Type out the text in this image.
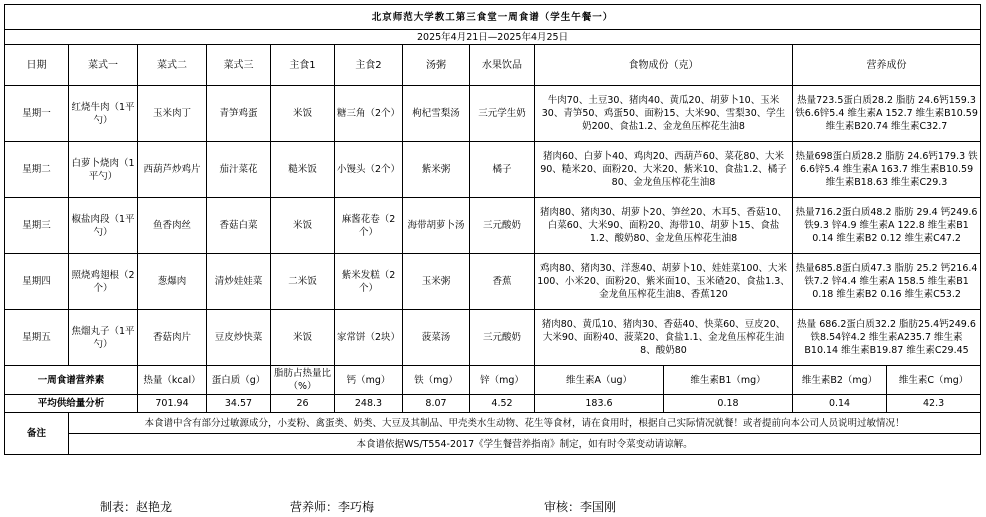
北京师范大学教工第三食堂一周食谱（学生午餐一）									
2025年4月21日—2025年4月25日									
日期	菜式一	菜式二	菜式三	主食1	主食2	汤粥	水果饮品	食物成份（克）	营养成份
星期一	红烧牛肉（1平勺）	玉米肉丁	青笋鸡蛋	米饭	糖三角（2个）	枸杞雪梨汤	三元学生奶	牛肉70、土豆30、猪肉40、黄瓜20、胡萝卜10、玉米30、青笋50、鸡蛋50、面粉15、大米90、雪梨30、学生奶200、食盐1.2、金龙鱼压榨花生油8	热量723.5蛋白质28.2 脂肪 24.6钙159.3 铁6.6锌5.4 维生素A 152.7 维生素B10.59 维生素B20.74 维生素C32.7
星期二	白萝卜烧肉（1平勺）	西葫芦炒鸡片	茄汁菜花	糙米饭	小馒头（2个）	紫米粥	橘子	猪肉60、白萝卜40、鸡肉20、西葫芦60、菜花80、大米90、糙米20、面粉20、大米20、紫米10、食盐1.2、橘子80、金龙鱼压榨花生油8	热量698蛋白质28.2 脂肪 24.6钙179.3 铁6.6锌5.4 维生素A 163.7 维生素B10.59 维生素B18.63 维生素C29.3
星期三	椒盐肉段（1平勺）	鱼香肉丝	香菇白菜	米饭	麻酱花卷（2个）	海带胡萝卜汤	三元酸奶	猪肉80、猪肉30、胡萝卜20、笋丝20、木耳5、香菇10、白菜60、大米90、面粉20、海带10、胡萝卜15、食盐1.2、酸奶80、金龙鱼压榨花生油8	热量716.2蛋白质48.2 脂肪 29.4 钙249.6 铁9.3 锌4.9 维生素A 122.8 维生素B1 0.14 维生素B2 0.12 维生素C47.2
星期四	照烧鸡翅根（2个）	葱爆肉	清炒娃娃菜	二米饭	紫米发糕（2个）	玉米粥	香蕉	鸡肉80、猪肉30、洋葱40、胡萝卜10、娃娃菜100、大米100、小米20、面粉20、紫米面10、玉米碴20、食盐1.3、金龙鱼压榨花生油8、香蕉120	热量685.8蛋白质47.3 脂肪 25.2 钙216.4 铁7.2 锌4.4 维生素A 158.5 维生素B1 0.18 维生素B2 0.16 维生素C53.2
星期五	焦熘丸子（1平勺）	香菇肉片	豆皮炒快菜	米饭	家常饼（2块）	菠菜汤	三元酸奶	猪肉80、黄瓜10、猪肉30、香菇40、快菜60、豆皮20、大米90、面粉40、菠菜20、食盐1.1、金龙鱼压榨花生油8、酸奶80	热量 686.2蛋白质32.2 脂肪25.4钙249.6铁8.54锌4.2 维生素A235.7 维生素B10.14 维生素B19.87 维生素C29.45
一周食谱营养素		热量（kcal）	蛋白质（g）	脂肪占热量比（%）	钙（mg）	铁（mg）	锌（mg）	维生素A（ug） 维生素B1（mg）	维生素B2（mg） 维生素C（mg）

平均供给量分析		701.94	34.57	26	248.3	8.07	4.52	183.6 0.18	0.14 42.3

备注	本食谱中含有部分过敏源成分，小麦粉、禽蛋类、奶类、大豆及其制品、甲壳类水生动物、花生等食材，请在食用时，根据自己实际情况就餐！或者提前向本公司人员说明过敏情况！								
	本食谱依据WS/T554-2017《学生餐营养指南》制定，如有时令菜变动请谅解。								
制表：赵艳龙	营养师：李巧梅	审核：李国刚
